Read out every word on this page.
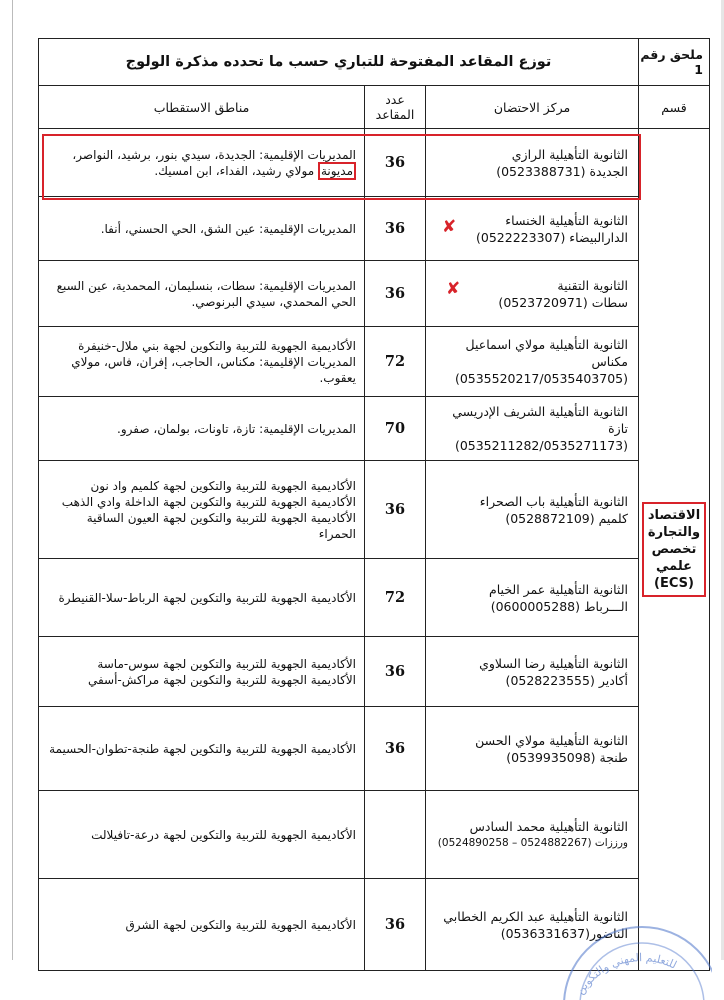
ملحق رقم 1	توزع المقاعد المفتوحة للتباري حسب ما تحدده مذكرة الولوج		
قسم	مركز الاحتضان	عدد
المقاعد	مناطق الاستقطاب

الاقتصاد
والتجارة
تخصص
علمي
(ECS)	الثانوية التأهيلية الرازي
الجديدة (0523388731)	36	المديريات الإقليمية: الجديدة، سيدي بنور، برشيد، النواصر،
مديونة مولاي رشيد، الفداء، ابن امسيك.

	الثانوية التأهيلية الخنساء
الدارالبيضاء (0522223307)	36	المديريات الإقليمية: عين الشق، الحي الحسني، أنفا.

	الثانوية التقنية
سطات (0523720971)	36	المديريات الإقليمية: سطات، بنسليمان، المحمدية، عين السبع
الحي المحمدي، سيدي البرنوصي.

	الثانوية التأهيلية مولاي اسماعيل
مكناس (0535520217/0535403705)	72	الأكاديمية الجهوية للتربية والتكوين لجهة بني ملال-خنيفرة
المديريات الإقليمية: مكناس، الحاجب، إفران، فاس، مولاي
يعقوب.

	الثانوية التأهيلية الشريف الإدريسي
تازة (0535211282/0535271173)	70	المديريات الإقليمية: تازة، تاونات، بولمان، صفرو.

	الثانوية التأهيلية باب الصحراء
كلميم (0528872109)	36	الأكاديمية الجهوية للتربية والتكوين لجهة كلميم واد نون
الأكاديمية الجهوية للتربية والتكوين لجهة الداخلة وادي الذهب
الأكاديمية الجهوية للتربية والتكوين لجهة العيون الساقية الحمراء

	الثانوية التأهيلية عمر الخيام
الـــرباط (0600005288)	72	الأكاديمية الجهوية للتربية والتكوين لجهة الرباط-سلا-القنيطرة

	الثانوية التأهيلية رضا السلاوي
أكادير (0528223555)	36	الأكاديمية الجهوية للتربية والتكوين لجهة سوس-ماسة
الأكاديمية الجهوية للتربية والتكوين لجهة مراكش-أسفي

	الثانوية التأهيلية مولاي الحسن
طنجة (0539935098)	36	الأكاديمية الجهوية للتربية والتكوين لجهة طنجة-تطوان-الحسيمة

	الثانوية التأهيلية محمد السادس
ورززات (0524882267 – 0524890258)		الأكاديمية الجهوية للتربية والتكوين لجهة درعة-تافيلالت

	الثانوية التأهيلية عبد الكريم الخطابي
الناضور(0536331637)	36	الأكاديمية الجهوية للتربية والتكوين لجهة الشرق
✘
✘
للتعليم المهني والتكوين
